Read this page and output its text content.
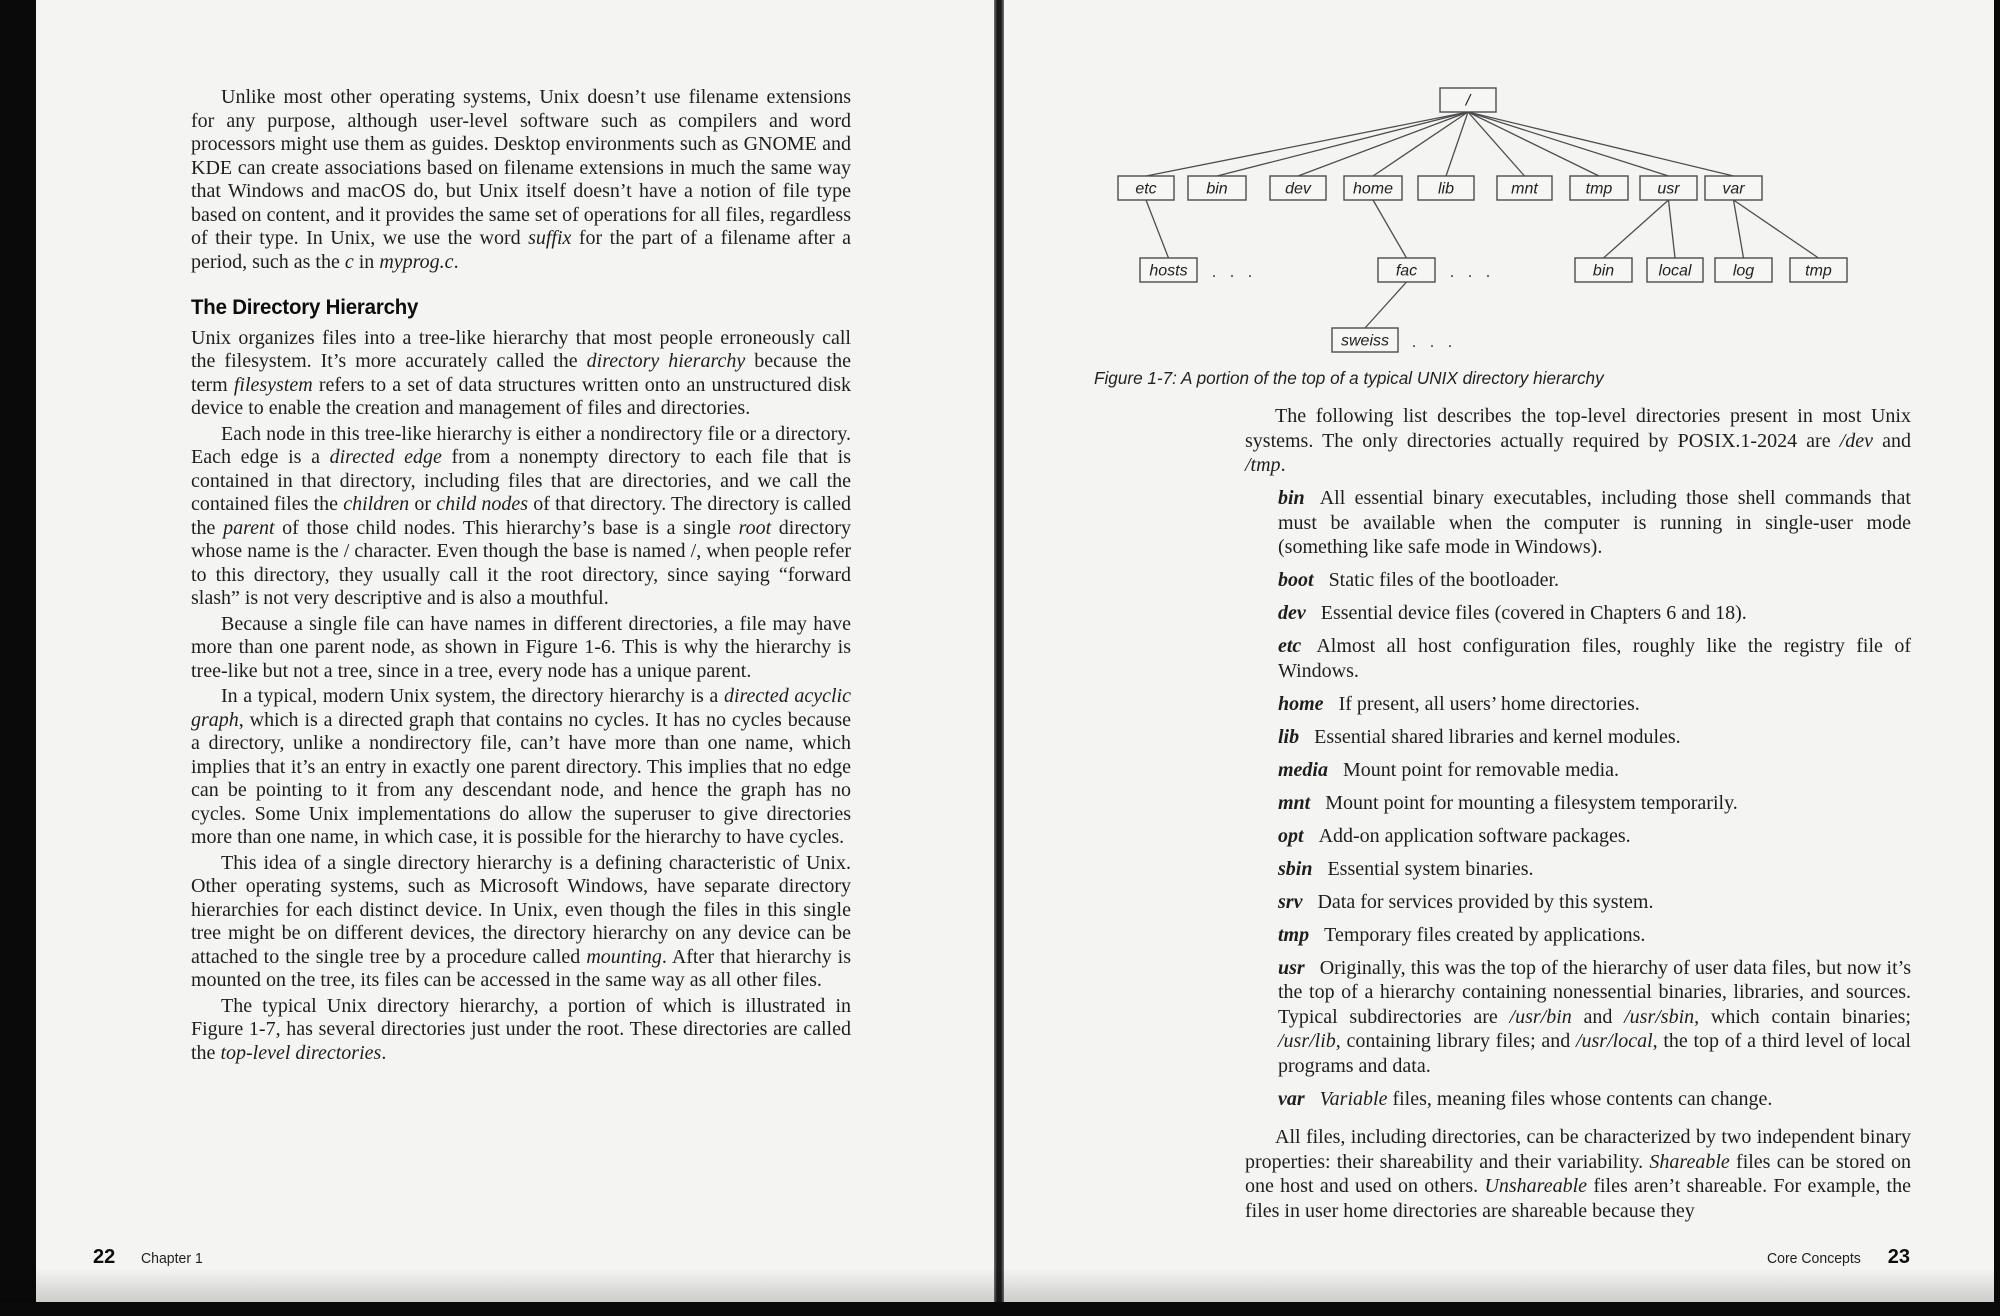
Unlike most other operating systems, Unix doesn’t use filename extensions for any purpose, although user-level software such as compilers and word processors might use them as guides. Desktop environments such as GNOME and KDE can create associations based on filename extensions in much the same way that Windows and macOS do, but Unix itself doesn’t have a notion of file type based on content, and it provides the same set of operations for all files, regardless of their type. In Unix, we use the word suffix for the part of a filename after a period, such as the c in myprog.c.

The Directory Hierarchy

Unix organizes files into a tree-like hierarchy that most people erroneously call the filesystem. It’s more accurately called the directory hierarchy because the term filesystem refers to a set of data structures written onto an unstructured disk device to enable the creation and management of files and directories.

Each node in this tree-like hierarchy is either a nondirectory file or a directory. Each edge is a directed edge from a nonempty directory to each file that is contained in that directory, including files that are directories, and we call the contained files the children or child nodes of that directory. The directory is called the parent of those child nodes. This hierarchy’s base is a single root directory whose name is the / character. Even though the base is named /, when people refer to this directory, they usually call it the root directory, since saying “forward slash” is not very descriptive and is also a mouthful.

Because a single file can have names in different directories, a file may have more than one parent node, as shown in Figure 1-6. This is why the hierarchy is tree-like but not a tree, since in a tree, every node has a unique parent.

In a typical, modern Unix system, the directory hierarchy is a directed acyclic graph, which is a directed graph that contains no cycles. It has no cycles because a directory, unlike a nondirectory file, can’t have more than one name, which implies that it’s an entry in exactly one parent directory. This implies that no edge can be pointing to it from any descendant node, and hence the graph has no cycles. Some Unix implementations do allow the superuser to give directories more than one name, in which case, it is possible for the hierarchy to have cycles.

This idea of a single directory hierarchy is a defining characteristic of Unix. Other operating systems, such as Microsoft Windows, have separate directory hierarchies for each distinct device. In Unix, even though the files in this single tree might be on different devices, the directory hierarchy on any device can be attached to the single tree by a procedure called mounting. After that hierarchy is mounted on the tree, its files can be accessed in the same way as all other files.

The typical Unix directory hierarchy, a portion of which is illustrated in Figure 1-7, has several directories just under the root. These directories are called the top-level directories.

22 Chapter 1
/
etc	bin	dev	home	lib	mnt	tmp	usr	var
hosts	fac	bin	local	log	tmp
sweiss
. . .	. . .
. . .
Figure 1-7: A portion of the top of a typical UNIX directory hierarchy

The following list describes the top-level directories present in most Unix systems. The only directories actually required by POSIX.1-2024 are /dev and /tmp.

bin All essential binary executables, including those shell commands that must be available when the computer is running in single-user mode (something like safe mode in Windows).

boot Static files of the bootloader.

dev Essential device files (covered in Chapters 6 and 18).

etc Almost all host configuration files, roughly like the registry file of Windows.

home If present, all users’ home directories.

lib Essential shared libraries and kernel modules.

media Mount point for removable media.

mnt Mount point for mounting a filesystem temporarily.

opt Add-on application software packages.

sbin Essential system binaries.

srv Data for services provided by this system.

tmp Temporary files created by applications.

usr Originally, this was the top of the hierarchy of user data files, but now it’s the top of a hierarchy containing nonessential binaries, libraries, and sources. Typical subdirectories are /usr/bin and /usr/sbin, which contain binaries; /usr/lib, containing library files; and /usr/local, the top of a third level of local programs and data.

var Variable files, meaning files whose contents can change.

All files, including directories, can be characterized by two independent binary properties: their shareability and their variability. Shareable files can be stored on one host and used on others. Unshareable files aren’t shareable. For example, the files in user home directories are shareable because they

Core Concepts 23
